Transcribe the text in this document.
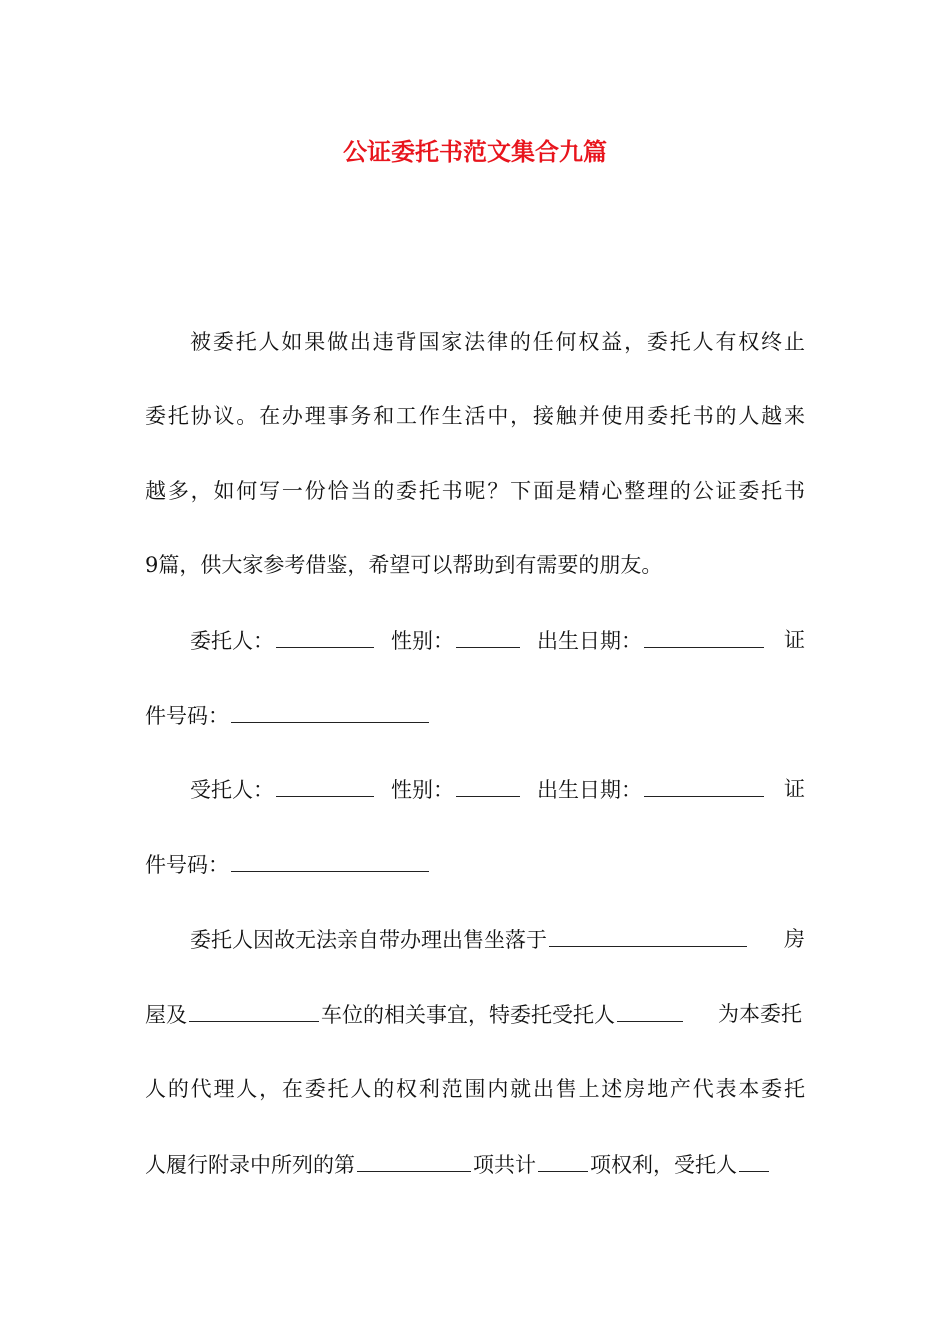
公证委托书范文集合九篇
被委托人如果做出违背国家法律的任何权益，委托人有权终止
委托协议。在办理事务和工作生活中，接触并使用委托书的人越来
越多，如何写一份恰当的委托书呢？下面是精心整理的公证委托书
9篇，供大家参考借鉴，希望可以帮助到有需要的朋友。
委托人：	性别：	出生日期：	证
件号码：
受托人：	性别：	出生日期：	证
件号码：
委托人因故无法亲自带办理出售坐落于	房
屋及	车位的相关事宜，特委托受托人	为本委托
人的代理人，在委托人的权利范围内就出售上述房地产代表本委托
人履行附录中所列的第	项共计	项权利，受托人
